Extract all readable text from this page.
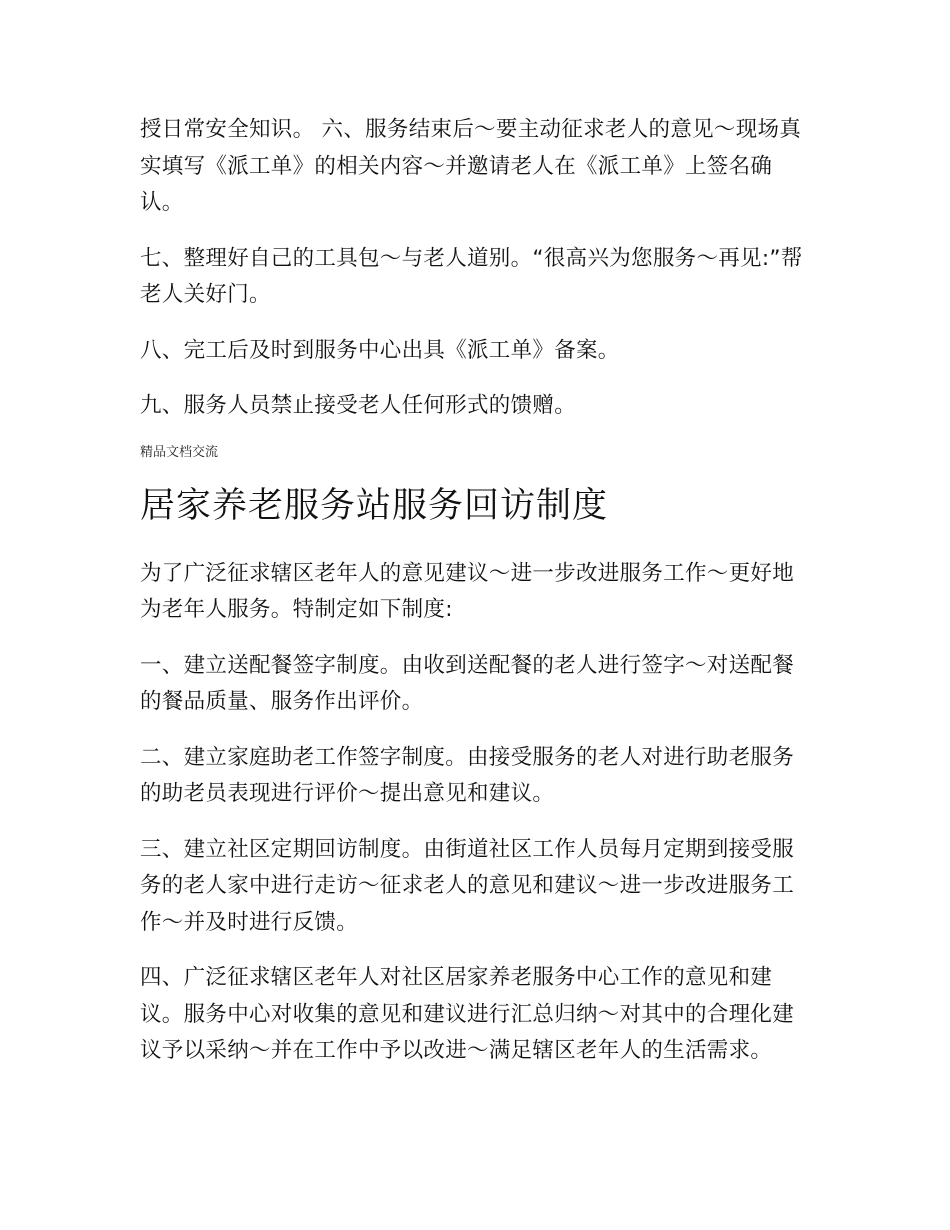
授日常安全知识。 六、服务结束后～要主动征求老人的意见～现场真实填写《派工单》的相关内容～并邀请老人在《派工单》上签名确认。

七、整理好自己的工具包～与老人道别。“很高兴为您服务～再见:”帮老人关好门。

八、完工后及时到服务中心出具《派工单》备案。

九、服务人员禁止接受老人任何形式的馈赠。

精品文档交流
居家养老服务站服务回访制度

为了广泛征求辖区老年人的意见建议～进一步改进服务工作～更好地为老年人服务。特制定如下制度:

一、建立送配餐签字制度。由收到送配餐的老人进行签字～对送配餐的餐品质量、服务作出评价。

二、建立家庭助老工作签字制度。由接受服务的老人对进行助老服务的助老员表现进行评价～提出意见和建议。

三、建立社区定期回访制度。由街道社区工作人员每月定期到接受服务的老人家中进行走访～征求老人的意见和建议～进一步改进服务工作～并及时进行反馈。

四、广泛征求辖区老年人对社区居家养老服务中心工作的意见和建议。服务中心对收集的意见和建议进行汇总归纳～对其中的合理化建议予以采纳～并在工作中予以改进～满足辖区老年人的生活需求。
